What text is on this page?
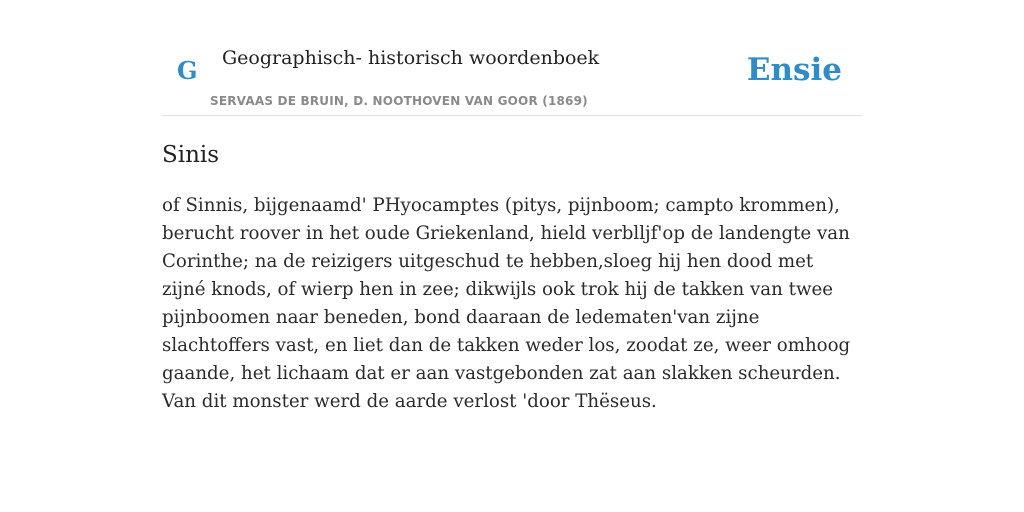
G Geographisch- historisch woordenboek
SERVAAS DE BRUIN, D. NOOTHOVEN VAN GOOR (1869)
Ensie
Sinis

of Sinnis, bijgenaamd' PHyocamptes (pitys, pijnboom; campto krommen), berucht roover in het oude Griekenland, hield verblljf'op de landengte van Corinthe; na de reizigers uitgeschud te hebben,sloeg hij hen dood met zijné knods, of wierp hen in zee; dikwijls ook trok hij de takken van twee pijnboomen naar beneden, bond daaraan de ledematen'van zijne slachtoffers vast, en liet dan de takken weder los, zoodat ze, weer omhoog gaande, het lichaam dat er aan vastgebonden zat aan slakken scheurden. Van dit monster werd de aarde verlost 'door Thëseus.
